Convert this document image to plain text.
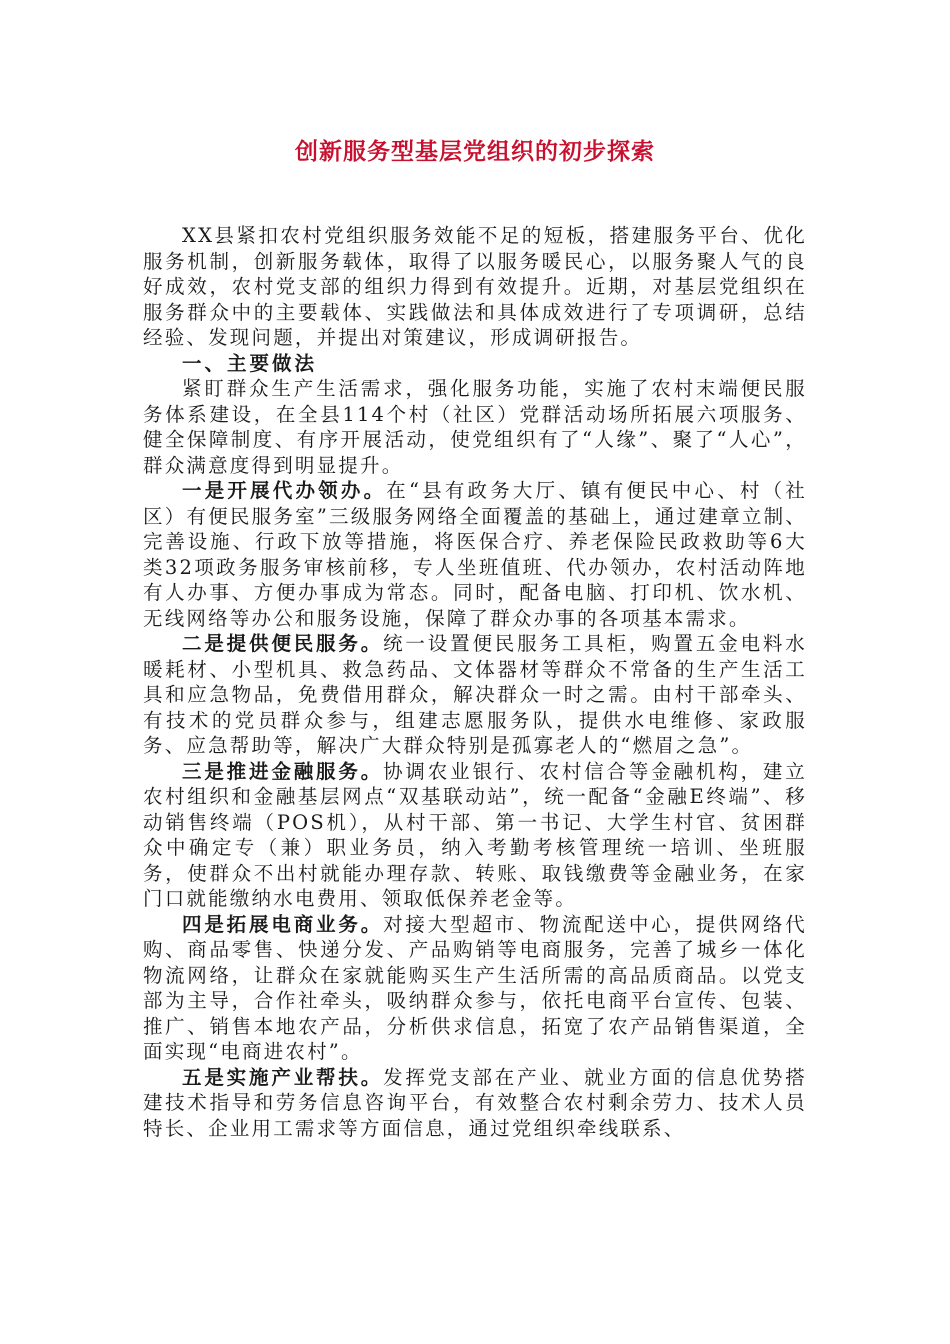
创新服务型基层党组织的初步探索

XX县紧扣农村党组织服务效能不足的短板，搭建服务平台、优化服务机制，创新服务载体，取得了以服务暖民心，以服务聚人气的良好成效，农村党支部的组织力得到有效提升。近期，对基层党组织在服务群众中的主要载体、实践做法和具体成效进行了专项调研，总结经验、发现问题，并提出对策建议，形成调研报告。

一、主要做法

紧盯群众生产生活需求，强化服务功能，实施了农村末端便民服务体系建设，在全县114个村（社区）党群活动场所拓展六项服务、健全保障制度、有序开展活动，使党组织有了“人缘”、聚了“人心”，群众满意度得到明显提升。

一是开展代办领办。在“县有政务大厅、镇有便民中心、村（社区）有便民服务室”三级服务网络全面覆盖的基础上，通过建章立制、完善设施、行政下放等措施，将医保合疗、养老保险民政救助等6大类32项政务服务审核前移，专人坐班值班、代办领办，农村活动阵地有人办事、方便办事成为常态。同时，配备电脑、打印机、饮水机、无线网络等办公和服务设施，保障了群众办事的各项基本需求。

二是提供便民服务。统一设置便民服务工具柜，购置五金电料水暖耗材、小型机具、救急药品、文体器材等群众不常备的生产生活工具和应急物品，免费借用群众，解决群众一时之需。由村干部牵头、有技术的党员群众参与，组建志愿服务队，提供水电维修、家政服务、应急帮助等，解决广大群众特别是孤寡老人的“燃眉之急”。

三是推进金融服务。协调农业银行、农村信合等金融机构，建立农村组织和金融基层网点“双基联动站”，统一配备“金融E终端”、移动销售终端（POS机），从村干部、第一书记、大学生村官、贫困群众中确定专（兼）职业务员，纳入考勤考核管理统一培训、坐班服务，使群众不出村就能办理存款、转账、取钱缴费等金融业务，在家门口就能缴纳水电费用、领取低保养老金等。

四是拓展电商业务。对接大型超市、物流配送中心，提供网络代购、商品零售、快递分发、产品购销等电商服务，完善了城乡一体化物流网络，让群众在家就能购买生产生活所需的高品质商品。以党支部为主导，合作社牵头，吸纳群众参与，依托电商平台宣传、包装、推广、销售本地农产品，分析供求信息，拓宽了农产品销售渠道，全面实现“电商进农村”。

五是实施产业帮扶。发挥党支部在产业、就业方面的信息优势搭建技术指导和劳务信息咨询平台，有效整合农村剩余劳力、技术人员特长、企业用工需求等方面信息，通过党组织牵线联系、
